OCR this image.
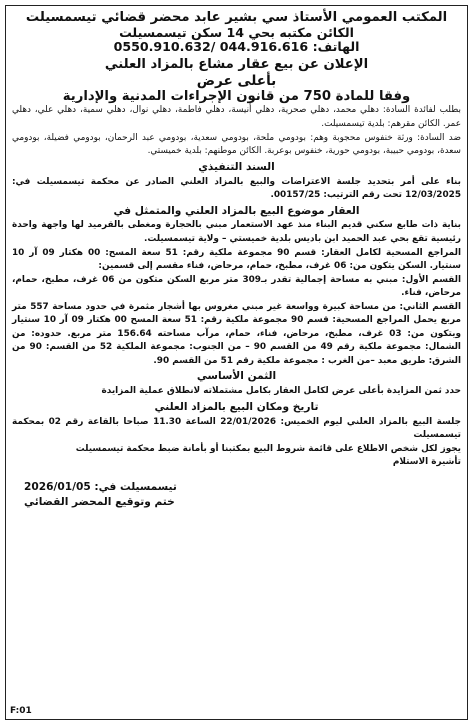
المكتب العمومي الأستاذ سي بشير عابد محضر قضائي تيسمسيلت
الكائن مكتبه بحي 14 سكن تيسمسيلت
الهاتف: 044.916.616 /0550.910.632
الإعلان عن بيع عقار مشاع بالمزاد العلني
بأعلى عرض
وفقا للمادة 750 من قانون الإجراءات المدنية والإدارية
بطلب لفائدة السادة: دهلي محمد، دهلي صحرية، دهلي أنيسة، دهلي فاطمة، دهلي نوال، دهلي سمية، دهلي علي، دهلي عمر. الكائن مقرهم: بلدية تيسمسيلت.
ضد السادة: ورثة خنفوس محجوبة وهم: بودومي ملحة، بودومي سعدية، بودومي عبد الرحمان، بودومي فضيلة، بودومي سعدة، بودومي حبيبة، بودومي حورية، خنفوس بوعربة. الكائن موطنهم: بلدية خميستي.
السند التنفيذي
بناء على أمر بتحديد جلسة الاعتراضات والبيع بالمزاد العلني الصادر عن محكمة تيسمسيلت في: 12/03/2025 تحت رقم الترتيب: 00157/25.
العقار موضوع البيع بالمزاد العلني والمتمثل في
بناية ذات طابع سكني قديم البناء منذ عهد الاستعمار مبني بالحجارة ومغطى بالقرميد لها واجهة واحدة رئيسية تقع بحي عبد الحميد ابن باديس بلدية خميستي – ولاية تيسمسيلت.
المراجع المسحية لكامل العقار: قسم 90 مجموعة ملكية رقم: 51 سعة المسح: 00 هكتار 09 آر 10 سنتيار. السكن يتكون من: 06 غرف، مطبخ، حمام، مرحاض، فناء مقسم إلى قسمين:
القسم الأول: مبني به مساحة إجمالية تقدر بـ309 متر مربع السكن متكون من 06 غرف، مطبخ، حمام، مرحاض، فناء.
القسم الثاني: من مساحة كبيرة وواسعة غير مبني مغروس بها أشجار مثمرة في حدود مساحة 557 متر مربع يحمل المراجع المسحية: قسم 90 مجموعة ملكية رقم: 51 سعة المسح 00 هكتار 09 آر 10 سنتيار ويتكون من: 03 غرف، مطبخ، مرحاض، فناء، حمام، مرآب مساحته 156.64 متر مربع. حدوده: من الشمال: مجموعة ملكية رقم 49 من القسم 90 – من الجنوب: مجموعة الملكية 52 من القسم: 90 من الشرق: طريق معبد –من الغرب : مجموعة ملكية رقم 51 من القسم 90.
الثمن الأساسي
حدد ثمن المزايدة بأعلى عرض لكامل العقار بكامل مشتملاته لانطلاق عملية المزايدة
تاريخ ومكان البيع بالمزاد العلني
جلسة البيع بالمزاد العلني ليوم الخميس: 22/01/2026 الساعة 11.30 صباحا بالقاعة رقم 02 بمحكمة تيسمسيلت
يجوز لكل شخص الاطلاع على قائمة شروط البيع بمكتبنا أو بأمانة ضبط محكمة تيسمسيلت
تأشيرة الاستلام
تيسمسيلت في: 2026/01/05
ختم وتوقيع المحضر القضائي
F:01
